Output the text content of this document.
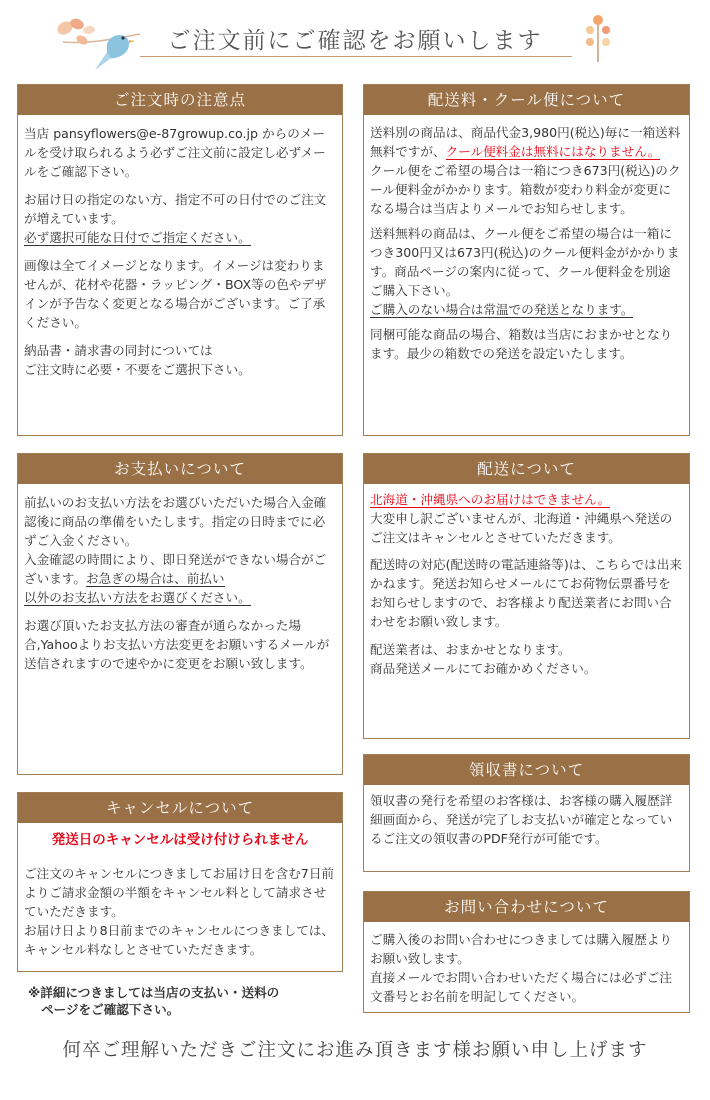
ご注文前にご確認をお願いします
ご注文時の注意点

当店 pansyflowers@e-87growup.co.jp からのメールを受け取られるよう必ずご注文前に設定し必ずメールをご確認下さい。

お届け日の指定のない方、指定不可の日付でのご注文が増えています。
必ず選択可能な日付でご指定ください。

画像は全てイメージとなります。イメージは変わりませんが、花材や花器・ラッピング・BOX等の色やデザインが予告なく変更となる場合がございます。ご了承ください。

納品書・請求書の同封については
ご注文時に必要・不要をご選択下さい。

配送料・クール便について

送料別の商品は、商品代金3,980円(税込)毎に一箱送料無料ですが、クール便料金は無料にはなりません。

クール便をご希望の場合は一箱につき673円(税込)のクール便料金がかかります。箱数が変わり料金が変更になる場合は当店よりメールでお知らせします。

送料無料の商品は、クール便をご希望の場合は一箱につき300円又は673円(税込)のクール便料金がかかります。商品ページの案内に従って、クール便料金を別途ご購入下さい。
ご購入のない場合は常温での発送となります。

同梱可能な商品の場合、箱数は当店におまかせとなります。最少の箱数での発送を設定いたします。

お支払いについて

前払いのお支払い方法をお選びいただいた場合入金確認後に商品の準備をいたします。指定の日時までに必ずご入金ください。
入金確認の時間により、即日発送ができない場合がございます。お急ぎの場合は、前払い
以外のお支払い方法をお選びください。

お選び頂いたお支払方法の審査が通らなかった場合,Yahooよりお支払い方法変更をお願いするメールが送信されますので速やかに変更をお願い致します。

配送について

北海道・沖縄県へのお届けはできません。
大変申し訳ございませんが、北海道・沖縄県へ発送のご注文はキャンセルとさせていただきます。

配送時の対応(配送時の電話連絡等)は、こちらでは出来かねます。発送お知らせメールにてお荷物伝票番号をお知らせしますので、お客様より配送業者にお問い合わせをお願い致します。

配送業者は、おまかせとなります。
商品発送メールにてお確かめください。

領収書について

領収書の発行を希望のお客様は、お客様の購入履歴詳細画面から、発送が完了しお支払いが確定となっているご注文の領収書のPDF発行が可能です。

キャンセルについて
発送日のキャンセルは受け付けられません

ご注文のキャンセルにつきましてお届け日を含む7日前よりご請求金額の半額をキャンセル料として請求させていただきます。
お届け日より8日前までのキャンセルにつきましては、キャンセル料なしとさせていただきます。

お問い合わせについて

ご購入後のお問い合わせにつきましては購入履歴よりお願い致します。
直接メールでお問い合わせいただく場合には必ずご注文番号とお名前を明記してください。

※詳細につきましては当店の支払い・送料の
ページをご確認下さい。
何卒ご理解いただきご注文にお進み頂きます様お願い申し上げます
